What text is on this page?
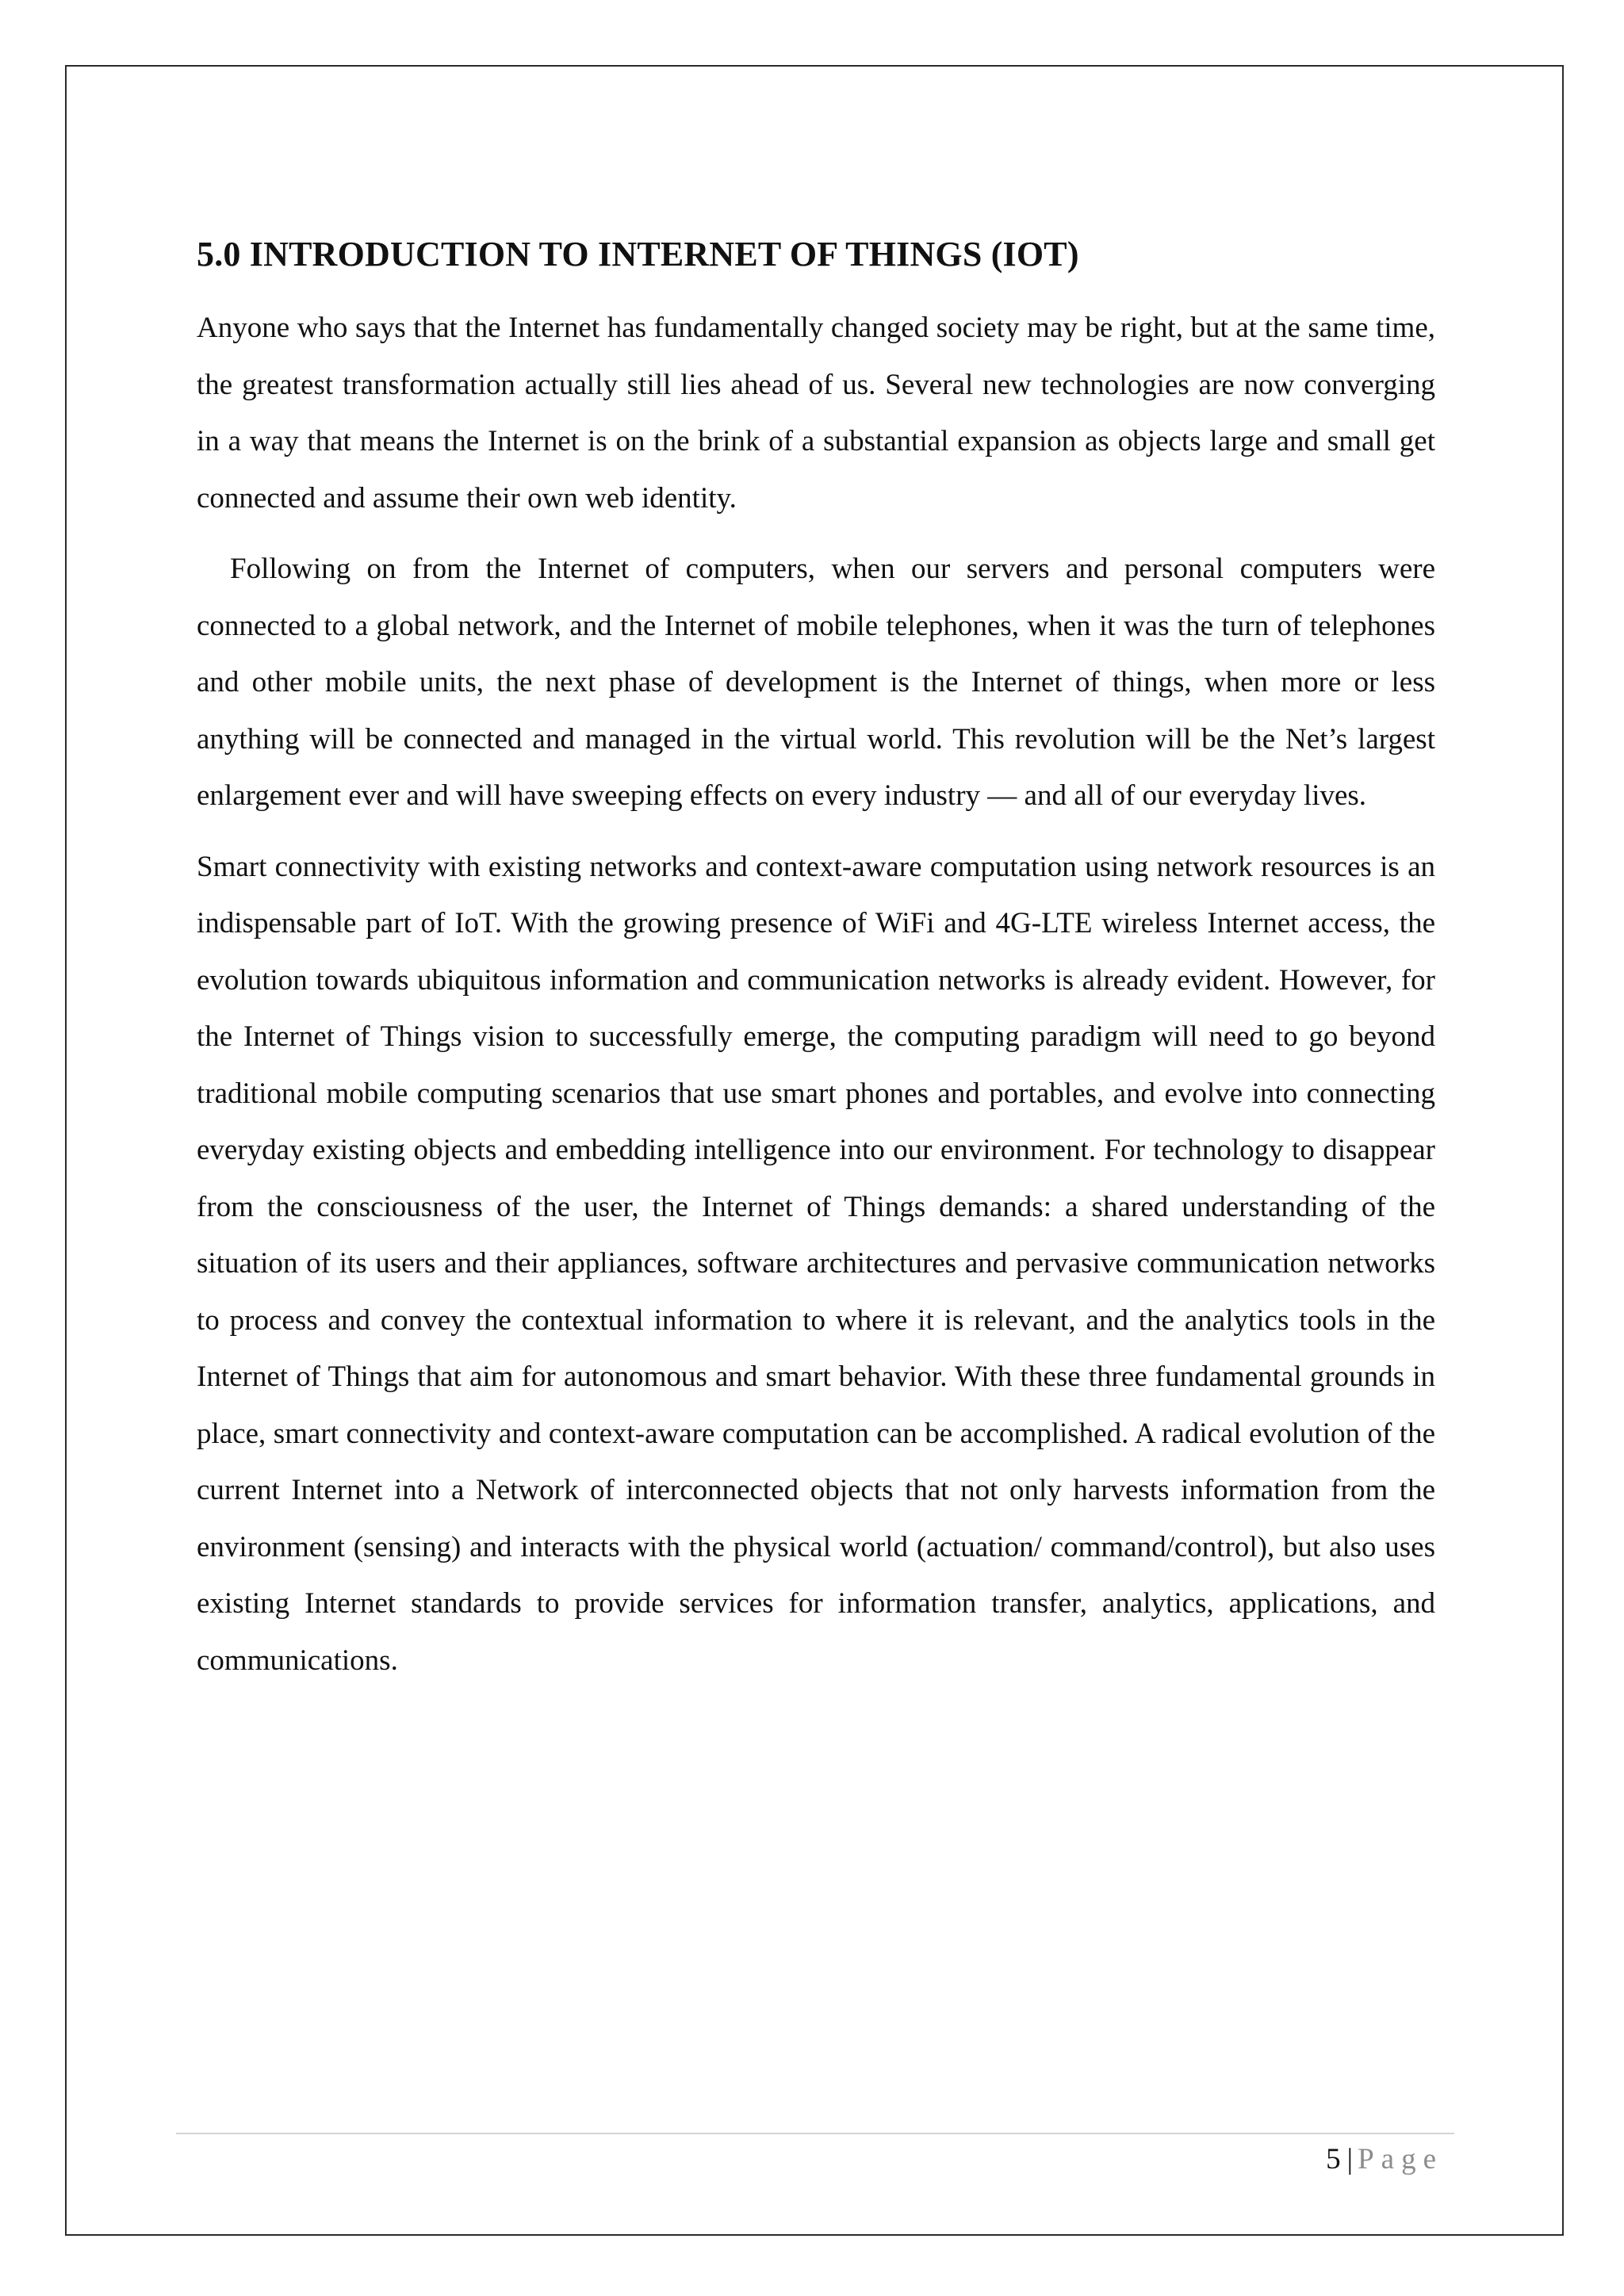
5.0 INTRODUCTION TO INTERNET OF THINGS (IOT)

Anyone who says that the Internet has fundamentally changed society may be right, but at the same time, the greatest transformation actually still lies ahead of us. Several new technologies are now converging in a way that means the Internet is on the brink of a substantial expansion as objects large and small get connected and assume their own web identity.

Following on from the Internet of computers, when our servers and personal computers were connected to a global network, and the Internet of mobile telephones, when it was the turn of telephones and other mobile units, the next phase of development is the Internet of things, when more or less anything will be connected and managed in the virtual world. This revolution will be the Net’s largest enlargement ever and will have sweeping effects on every industry — and all of our everyday lives.

Smart connectivity with existing networks and context-aware computation using network resources is an indispensable part of IoT. With the growing presence of WiFi and 4G-LTE wireless Internet access, the evolution towards ubiquitous information and communication networks is already evident. However, for the Internet of Things vision to successfully emerge, the computing paradigm will need to go beyond traditional mobile computing scenarios that use smart phones and portables, and evolve into connecting everyday existing objects and embedding intelligence into our environment. For technology to disappear from the consciousness of the user, the Internet of Things demands: a shared understanding of the situation of its users and their appliances, software architectures and pervasive communication networks to process and convey the contextual information to where it is relevant, and the analytics tools in the Internet of Things that aim for autonomous and smart behavior. With these three fundamental grounds in place, smart connectivity and context-aware computation can be accomplished. A radical evolution of the current Internet into a Network of interconnected objects that not only harvests information from the environment (sensing) and interacts with the physical world (actuation/ command/control), but also uses existing Internet standards to provide services for information transfer, analytics, applications, and communications.

5 | Page
